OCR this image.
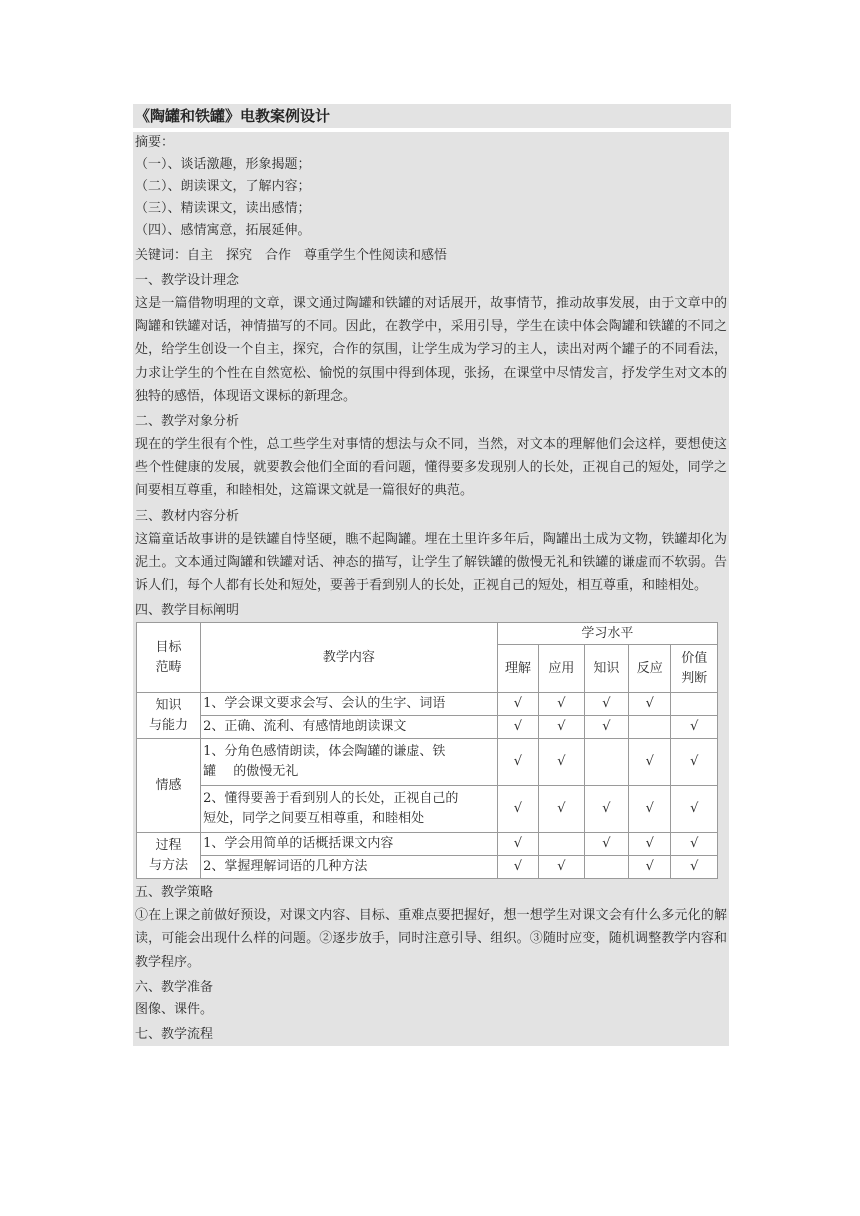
《陶罐和铁罐》电教案例设计
摘要：
（一）、谈话激趣，形象揭题；
（二）、朗读课文，了解内容；
（三）、精读课文，读出感情；
（四）、感情寓意，拓展延伸。
关键词：自主　探究　合作　尊重学生个性阅读和感悟
一、教学设计理念
这是一篇借物明理的文章，课文通过陶罐和铁罐的对话展开，故事情节，推动故事发展，由于文章中的陶罐和铁罐对话，神情描写的不同。因此，在教学中，采用引导，学生在读中体会陶罐和铁罐的不同之处，给学生创设一个自主，探究，合作的氛围，让学生成为学习的主人，读出对两个罐子的不同看法，力求让学生的个性在自然宽松、愉悦的氛围中得到体现，张扬，在课堂中尽情发言，抒发学生对文本的独特的感悟，体现语文课标的新理念。
二、教学对象分析
现在的学生很有个性，总工些学生对事情的想法与众不同，当然，对文本的理解他们会这样，要想使这些个性健康的发展，就要教会他们全面的看问题，懂得要多发现别人的长处，正视自己的短处，同学之间要相互尊重，和睦相处，这篇课文就是一篇很好的典范。
三、教材内容分析
这篇童话故事讲的是铁罐自恃坚硬，瞧不起陶罐。埋在土里许多年后，陶罐出土成为文物，铁罐却化为泥土。文本通过陶罐和铁罐对话、神态的描写，让学生了解铁罐的傲慢无礼和铁罐的谦虚而不软弱。告诉人们，每个人都有长处和短处，要善于看到别人的长处，正视自己的短处，相互尊重，和睦相处。
四、教学目标阐明
目标
范畴	教学内容	学习水平				
		理解	应用	知识	反应	价值
判断
知识
与能力	1、学会课文要求会写、会认的生字、词语	√	√	√	√	
	2、正确、流利、有感情地朗读课文	√	√	√		√
情感	1、分角色感情朗读，体会陶罐的谦虚、铁
罐　 的傲慢无礼	√	√		√	√
	2、懂得要善于看到别人的长处，正视自己的
短处，同学之间要互相尊重，和睦相处	√	√	√	√	√
过程
与方法	1、学会用简单的话概括课文内容	√		√	√	√
	2、掌握理解词语的几种方法	√	√		√	√
五、教学策略
①在上课之前做好预设，对课文内容、目标、重难点要把握好，想一想学生对课文会有什么多元化的解读，可能会出现什么样的问题。②逐步放手，同时注意引导、组织。③随时应变，随机调整教学内容和教学程序。
六、教学准备
图像、课件。
七、教学流程
